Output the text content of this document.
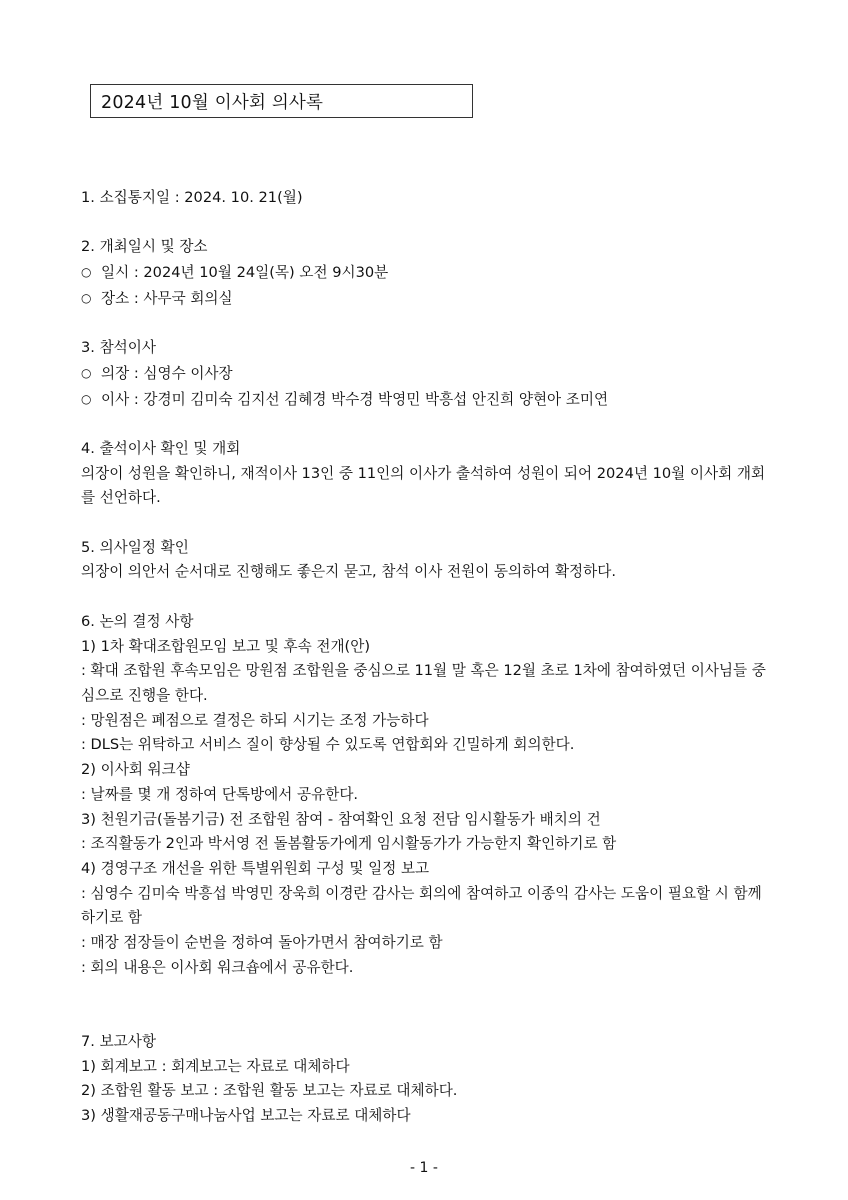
2024년 10월 이사회 의사록
1. 소집통지일 : 2024. 10. 21(월)
2. 개최일시 및 장소
○ 일시 : 2024년 10월 24일(목) 오전 9시30분
○ 장소 : 사무국 회의실
3. 참석이사
○ 의장 : 심영수 이사장
○ 이사 : 강경미 김미숙 김지선 김혜경 박수경 박영민 박흥섭 안진희 양현아 조미연
4. 출석이사 확인 및 개회
의장이 성원을 확인하니, 재적이사 13인 중 11인의 이사가 출석하여 성원이 되어 2024년 10월 이사회 개회를 선언하다.
5. 의사일정 확인
의장이 의안서 순서대로 진행해도 좋은지 묻고, 참석 이사 전원이 동의하여 확정하다.
6. 논의 결정 사항
1) 1차 확대조합원모임 보고 및 후속 전개(안)
: 확대 조합원 후속모임은 망원점 조합원을 중심으로 11월 말 혹은 12월 초로 1차에 참여하였던 이사님들 중심으로 진행을 한다.
: 망원점은 폐점으로 결정은 하되 시기는 조정 가능하다
: DLS는 위탁하고 서비스 질이 향상될 수 있도록 연합회와 긴밀하게 회의한다.
2) 이사회 워크샵
: 날짜를 몇 개 정하여 단톡방에서 공유한다.
3) 천원기금(돌봄기금) 전 조합원 참여 - 참여확인 요청 전담 임시활동가 배치의 건
: 조직활동가 2인과 박서영 전 돌봄활동가에게 임시활동가가 가능한지 확인하기로 함
4) 경영구조 개선을 위한 특별위원회 구성 및 일정 보고
: 심영수 김미숙 박흥섭 박영민 장욱희 이경란 감사는 회의에 참여하고 이종익 감사는 도움이 필요할 시 함께 하기로 함
: 매장 점장들이 순번을 정하여 돌아가면서 참여하기로 함
: 회의 내용은 이사회 워크숍에서 공유한다.
7. 보고사항
1) 회계보고 : 회계보고는 자료로 대체하다
2) 조합원 활동 보고 : 조합원 활동 보고는 자료로 대체하다.
3) 생활재공동구매나눔사업 보고는 자료로 대체하다
- 1 -
